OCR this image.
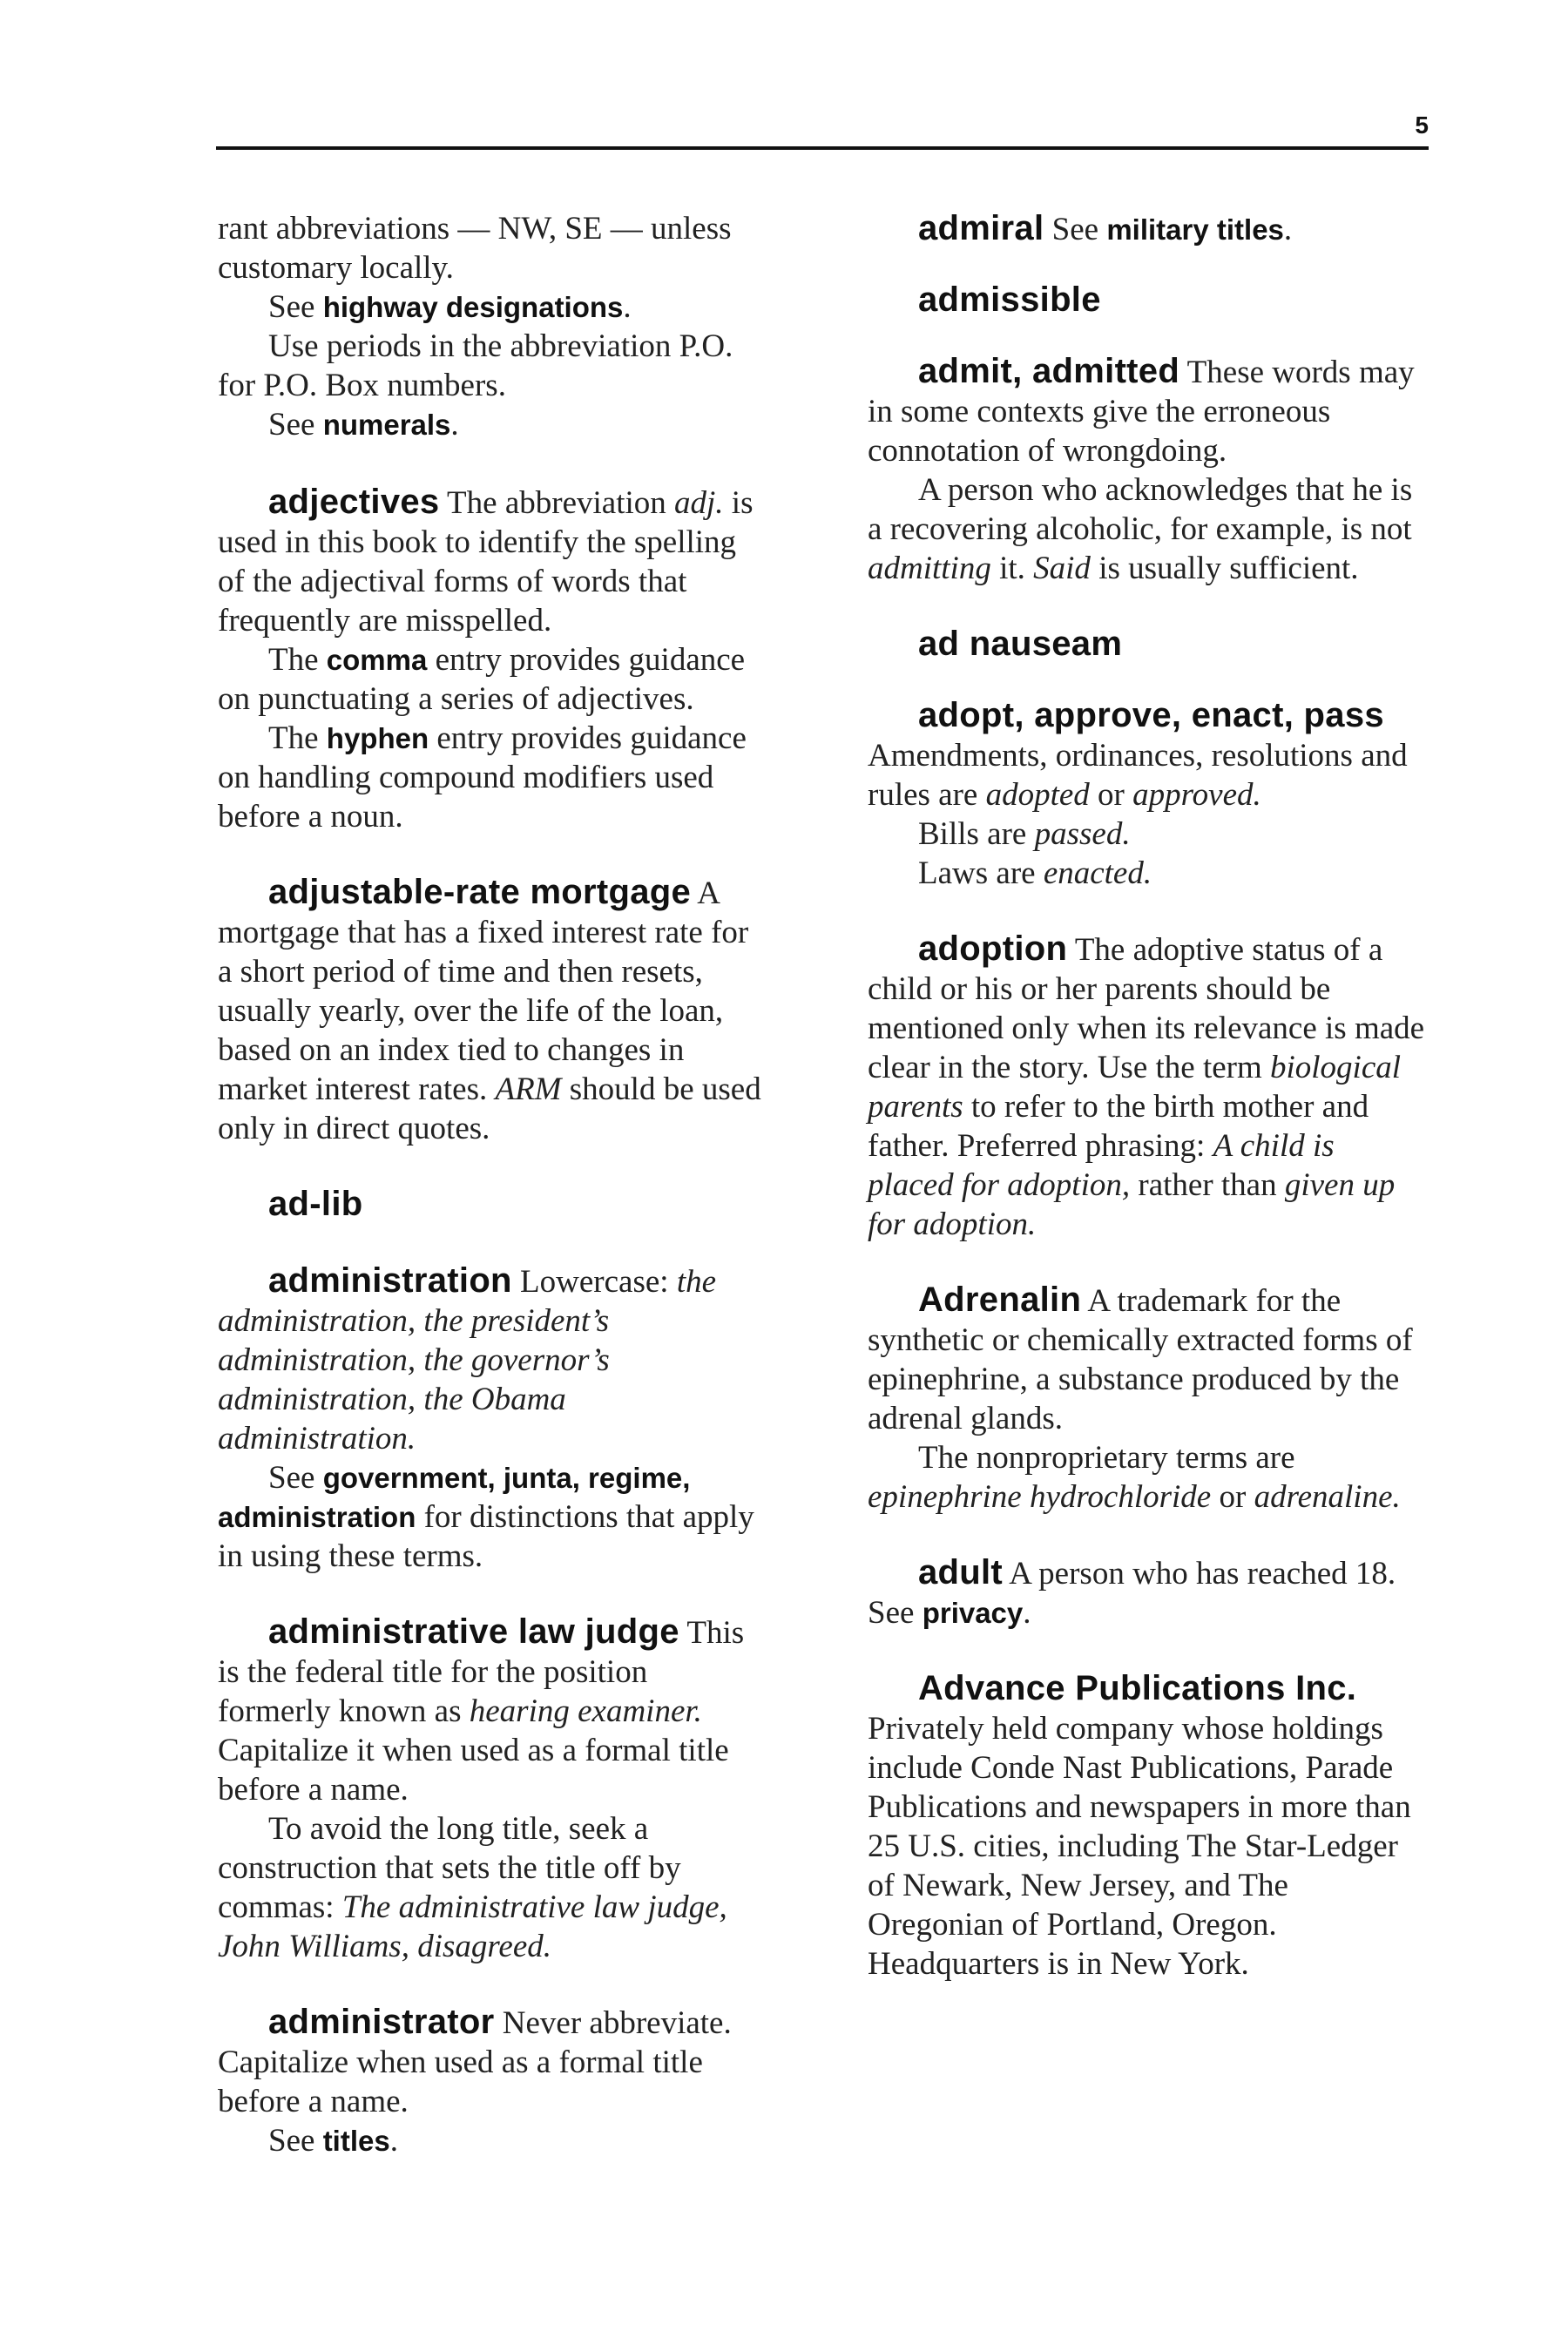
5

rant abbreviations — NW, SE — unless customary locally.

See highway designations.

Use periods in the abbreviation P.O. for P.O. Box numbers.

See numerals.

adjectives The abbreviation adj. is used in this book to identify the spelling of the adjectival forms of words that frequently are misspelled.

The comma entry provides guidance on punctuating a series of adjectives.

The hyphen entry provides guidance on handling compound modifiers used before a noun.

adjustable-rate mortgage A mortgage that has a fixed interest rate for a short period of time and then resets, usually yearly, over the life of the loan, based on an index tied to changes in market interest rates. ARM should be used only in direct quotes.

ad-lib

administration Lowercase: the administration, the president’s administration, the governor’s administration, the Obama administration.

See government, junta, regime, administration for distinctions that apply in using these terms.

administrative law judge This is the federal title for the position formerly known as hearing examiner. Capitalize it when used as a formal title before a name.

To avoid the long title, seek a construction that sets the title off by commas: The administrative law judge, John Williams, disagreed.

administrator Never abbreviate. Capitalize when used as a formal title before a name.

See titles.

admiral See military titles.

admissible

admit, admitted These words may in some contexts give the erroneous connotation of wrongdoing.

A person who acknowledges that he is a recovering alcoholic, for example, is not admitting it. Said is usually sufficient.

ad nauseam

adopt, approve, enact, pass

Amendments, ordinances, resolutions and rules are adopted or approved.

Bills are passed.

Laws are enacted.

adoption The adoptive status of a child or his or her parents should be mentioned only when its relevance is made clear in the story. Use the term biological parents to refer to the birth mother and father. Preferred phrasing: A child is placed for adoption, rather than given up for adoption.

Adrenalin A trademark for the synthetic or chemically extracted forms of epinephrine, a substance produced by the adrenal glands.

The nonproprietary terms are epinephrine hydrochloride or adrenaline.

adult A person who has reached 18. See privacy.

Advance Publications Inc. Privately held company whose holdings include Conde Nast Publications, Parade Publications and newspapers in more than 25 U.S. cities, including The Star-Ledger of Newark, New Jersey, and The Oregonian of Portland, Oregon. Headquarters is in New York.
